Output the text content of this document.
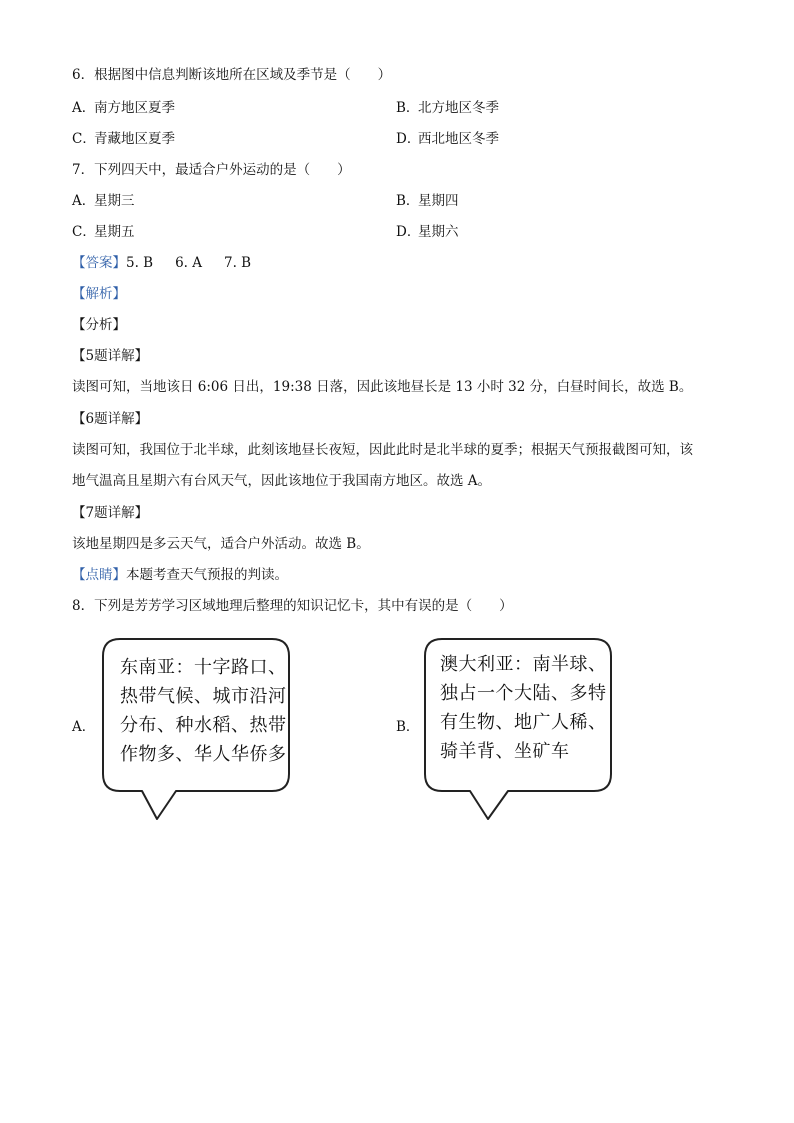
6．根据图中信息判断该地所在区域及季节是（　　）
A．南方地区夏季	B．北方地区冬季
C．青藏地区夏季	D．西北地区冬季
7．下列四天中，最适合户外运动的是（　　）
A．星期三	B．星期四
C．星期五	D．星期六
【答案】5. B 6. A 7. B
【解析】
【分析】
【5题详解】
读图可知，当地该日 6:06 日出，19:38 日落，因此该地昼长是 13 小时 32 分，白昼时间长，故选 B。
【6题详解】
读图可知，我国位于北半球，此刻该地昼长夜短，因此此时是北半球的夏季；根据天气预报截图可知，该
地气温高且星期六有台风天气，因此该地位于我国南方地区。故选 A。
【7题详解】
该地星期四是多云天气，适合户外活动。故选 B。
【点睛】本题考查天气预报的判读。
8．下列是芳芳学习区域地理后整理的知识记忆卡，其中有误的是（　　）
A．
东南亚：十字路口、
热带气候、城市沿河
分布、种水稻、热带
作物多、华人华侨多
B．
澳大利亚：南半球、
独占一个大陆、多特
有生物、地广人稀、
骑羊背、坐矿车
